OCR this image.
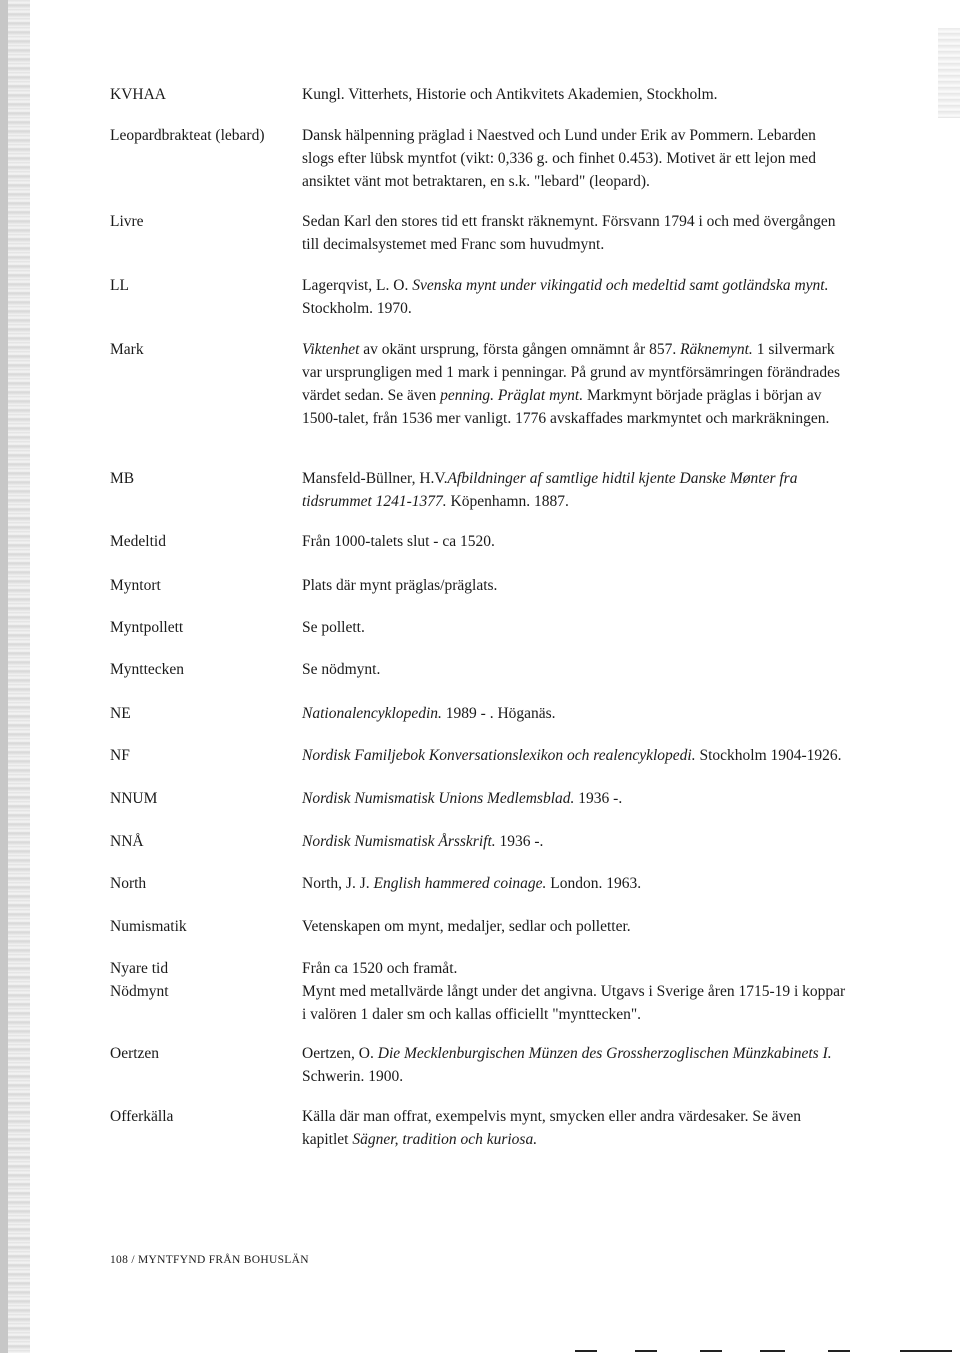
KVHAA	Kungl. Vitterhets, Historie och Antikvitets Akademien, Stockholm.
Leopardbrakteat (lebard)	Dansk hälpenning präglad i Naestved och Lund under Erik av Pommern. Lebarden slogs efter lübsk myntfot (vikt: 0,336 g. och finhet 0.453). Motivet är ett lejon med ansiktet vänt mot betraktaren, en s.k. "lebard" (leopard).
Livre	Sedan Karl den stores tid ett franskt räknemynt. Försvann 1794 i och med övergången till decimalsystemet med Franc som huvudmynt.
LL	Lagerqvist, L. O. Svenska mynt under vikingatid och medeltid samt gotländska mynt. Stockholm. 1970.
Mark	Viktenhet av okänt ursprung, första gången omnämnt år 857. Räknemynt. 1 silvermark var ursprungligen med 1 mark i penningar. På grund av myntförsämringen förändrades värdet sedan. Se även penning. Präglat mynt. Markmynt började präglas i början av 1500-talet, från 1536 mer vanligt. 1776 avskaffades markmyntet och markräkningen.
MB	Mansfeld-Büllner, H.V.Afbildninger af samtlige hidtil kjente Danske Mønter fra tidsrummet 1241-1377. Köpenhamn. 1887.
Medeltid	Från 1000-talets slut - ca 1520.
Myntort	Plats där mynt präglas/präglats.
Myntpollett	Se pollett.
Mynttecken	Se nödmynt.
NE	Nationalencyklopedin. 1989 - . Höganäs.
NF	Nordisk Familjebok Konversationslexikon och realencyklopedi. Stockholm 1904-1926.
NNUM	Nordisk Numismatisk Unions Medlemsblad. 1936 -.
NNÅ	Nordisk Numismatisk Årsskrift. 1936 -.
North	North, J. J. English hammered coinage. London. 1963.
Numismatik	Vetenskapen om mynt, medaljer, sedlar och polletter.
Nyare tid	Från ca 1520 och framåt.
Nödmynt	Mynt med metallvärde långt under det angivna. Utgavs i Sverige åren 1715-19 i koppar i valören 1 daler sm och kallas officiellt "mynttecken".
Oertzen	Oertzen, O. Die Mecklenburgischen Münzen des Grossherzoglischen Münzkabinets I. Schwerin. 1900.
Offerkälla	Källa där man offrat, exempelvis mynt, smycken eller andra värdesaker. Se även kapitlet Sägner, tradition och kuriosa.
108 / MYNTFYND FRÅN BOHUSLÄN
